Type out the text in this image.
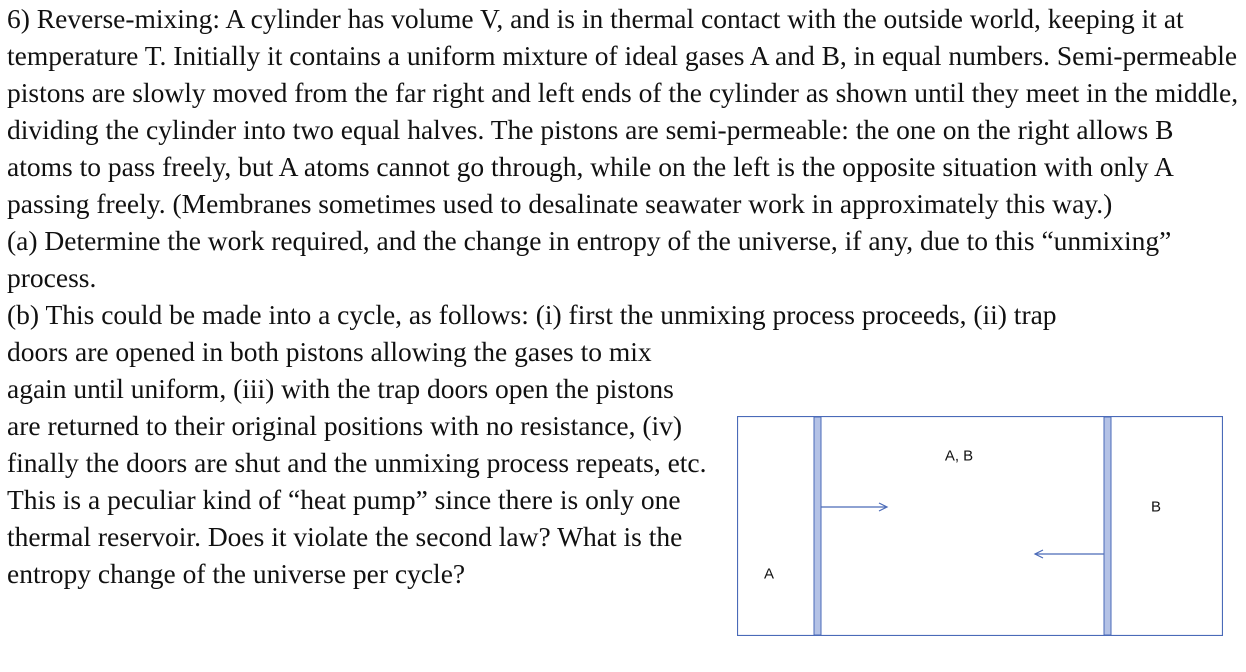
6) Reverse-mixing: A cylinder has volume V, and is in thermal contact with the outside world, keeping it at temperature T. Initially it contains a uniform mixture of ideal gases A and B, in equal numbers. Semi-permeable pistons are slowly moved from the far right and left ends of the cylinder as shown until they meet in the middle, dividing the cylinder into two equal halves. The pistons are semi-permeable: the one on the right allows B atoms to pass freely, but A atoms cannot go through, while on the left is the opposite situation with only A passing freely. (Membranes sometimes used to desalinate seawater work in approximately this way.)

(a) Determine the work required, and the change in entropy of the universe, if any, due to this “unmixing” process.

(b) This could be made into a cycle, as follows: (i) first the unmixing process proceeds, (ii) trap

doors are opened in both pistons allowing the gases to mix again until uniform, (iii) with the trap doors open the pistons are returned to their original positions with no resistance, (iv) finally the doors are shut and the unmixing process repeats, etc. This is a peculiar kind of “heat pump” since there is only one thermal reservoir. Does it violate the second law? What is the entropy change of the universe per cycle?	A
A, B
B
